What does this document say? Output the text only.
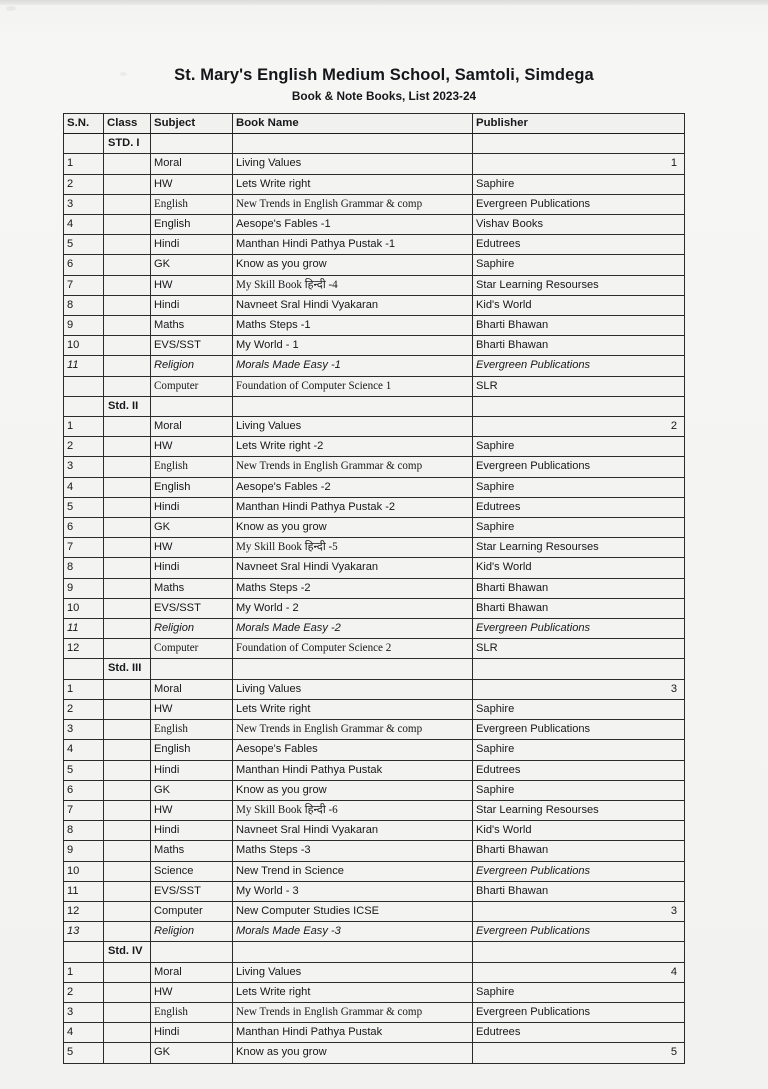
St. Mary's English Medium School, Samtoli, Simdega
Book & Note Books, List 2023-24
S.N.	Class	Subject	Book Name	Publisher
	STD. I			
1		Moral	Living Values	1
2		HW	Lets Write right	Saphire
3		English	New Trends in English Grammar & comp	Evergreen Publications
4		English	Aesope's Fables -1	Vishav Books
5		Hindi	Manthan Hindi Pathya Pustak -1	Edutrees
6		GK	Know as you grow	Saphire
7		HW	My Skill Book हिन्दी -4	Star Learning Resourses
8		Hindi	Navneet Sral Hindi Vyakaran	Kid's World
9		Maths	Maths Steps -1	Bharti Bhawan
10		EVS/SST	My World - 1	Bharti Bhawan
11		Religion	Morals Made Easy -1	Evergreen Publications
		Computer	Foundation of Computer Science 1	SLR
	Std. II			
1		Moral	Living Values	2
2		HW	Lets Write right -2	Saphire
3		English	New Trends in English Grammar & comp	Evergreen Publications
4		English	Aesope's Fables -2	Saphire
5		Hindi	Manthan Hindi Pathya Pustak -2	Edutrees
6		GK	Know as you grow	Saphire
7		HW	My Skill Book हिन्दी -5	Star Learning Resourses
8		Hindi	Navneet Sral Hindi Vyakaran	Kid's World
9		Maths	Maths Steps -2	Bharti Bhawan
10		EVS/SST	My World - 2	Bharti Bhawan
11		Religion	Morals Made Easy -2	Evergreen Publications
12		Computer	Foundation of Computer Science 2	SLR
	Std. III			
1		Moral	Living Values	3
2		HW	Lets Write right	Saphire
3		English	New Trends in English Grammar & comp	Evergreen Publications
4		English	Aesope's Fables	Saphire
5		Hindi	Manthan Hindi Pathya Pustak	Edutrees
6		GK	Know as you grow	Saphire
7		HW	My Skill Book हिन्दी -6	Star Learning Resourses
8		Hindi	Navneet Sral Hindi Vyakaran	Kid's World
9		Maths	Maths Steps -3	Bharti Bhawan
10		Science	New Trend in Science	Evergreen Publications
11		EVS/SST	My World - 3	Bharti Bhawan
12		Computer	New Computer Studies ICSE	3
13		Religion	Morals Made Easy -3	Evergreen Publications
	Std. IV			
1		Moral	Living Values	4
2		HW	Lets Write right	Saphire
3		English	New Trends in English Grammar & comp	Evergreen Publications
4		Hindi	Manthan Hindi Pathya Pustak	Edutrees
5		GK	Know as you grow	5
